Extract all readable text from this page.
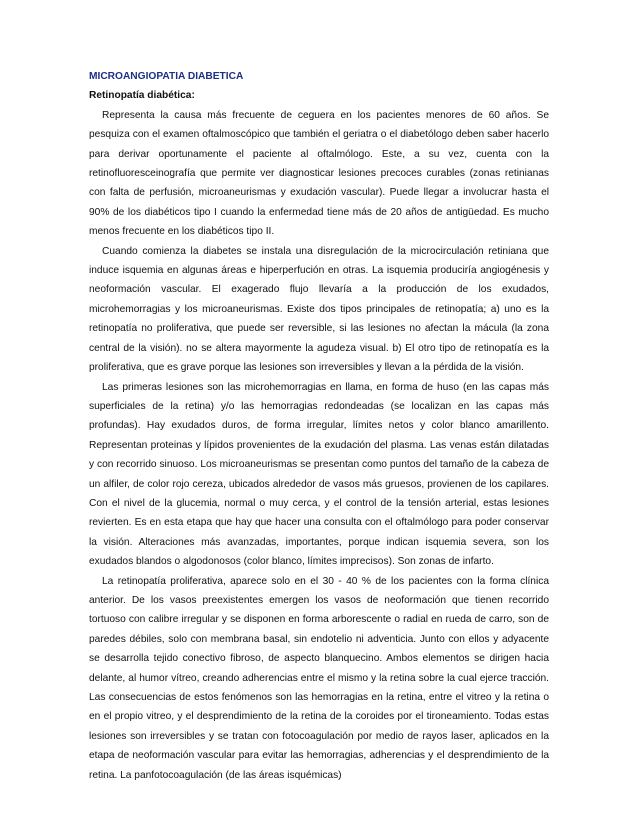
MICROANGIOPATIA DIABETICA

Retinopatía diabética:

Representa la causa más frecuente de ceguera en los pacientes menores de 60 años. Se pesquiza con el examen oftalmoscópico que también el geriatra o el diabetólogo deben saber hacerlo para derivar oportunamente el paciente al oftalmólogo. Este, a su vez, cuenta con la retinofluoresceinografía que permite ver diagnosticar lesiones precoces curables (zonas retinianas con falta de perfusión, microaneurismas y exudación vascular). Puede llegar a involucrar hasta el 90% de los diabéticos tipo I cuando la enfermedad tiene más de 20 años de antigüedad. Es mucho menos frecuente en los diabéticos tipo II.

Cuando comienza la diabetes se instala una disregulación de la microcirculación retiniana que induce isquemia en algunas áreas e hiperperfución en otras. La isquemia produciría angiogénesis y neoformación vascular. El exagerado flujo llevaría a la producción de los exudados, microhemorragias y los microaneurismas. Existe dos tipos principales de retinopatía; a) uno es la retinopatía no proliferativa, que puede ser reversible, si las lesiones no afectan la mácula (la zona central de la visión). no se altera mayormente la agudeza visual. b) El otro tipo de retinopatía es la proliferativa, que es grave porque las lesiones son irreversibles y llevan a la pérdida de la visión.

Las primeras lesiones son las microhemorragias en llama, en forma de huso (en las capas más superficiales de la retina) y/o las hemorragias redondeadas (se localizan en las capas más profundas). Hay exudados duros, de forma irregular, límites netos y color blanco amarillento. Representan proteinas y lípidos provenientes de la exudación del plasma. Las venas están dilatadas y con recorrido sinuoso. Los microaneurismas se presentan como puntos del tamaño de la cabeza de un alfiler, de color rojo cereza, ubicados alrededor de vasos más gruesos, provienen de los capilares. Con el nivel de la glucemia, normal o muy cerca, y el control de la tensión arterial, estas lesiones revierten. Es en esta etapa que hay que hacer una consulta con el oftalmólogo para poder conservar la visión. Alteraciones más avanzadas, importantes, porque indican isquemia severa, son los exudados blandos o algodonosos (color blanco, límites imprecisos). Son zonas de infarto.

La retinopatía proliferativa, aparece solo en el 30 - 40 % de los pacientes con la forma clínica anterior. De los vasos preexistentes emergen los vasos de neoformación que tienen recorrido tortuoso con calibre irregular y se disponen en forma arborescente o radial en rueda de carro, son de paredes débiles, solo con membrana basal, sin endotelio ni adventicia. Junto con ellos y adyacente se desarrolla tejido conectivo fibroso, de aspecto blanquecino. Ambos elementos se dirigen hacia delante, al humor vítreo, creando adherencias entre el mismo y la retina sobre la cual ejerce tracción. Las consecuencias de estos fenómenos son las hemorragias en la retina, entre el vitreo y la retina o en el propio vitreo, y el desprendimiento de la retina de la coroides por el tironeamiento. Todas estas lesiones son irreversibles y se tratan con fotocoagulación por medio de rayos laser, aplicados en la etapa de neoformación vascular para evitar las hemorragias, adherencias y el desprendimiento de la retina. La panfotocoagulación (de las áreas isquémicas)
